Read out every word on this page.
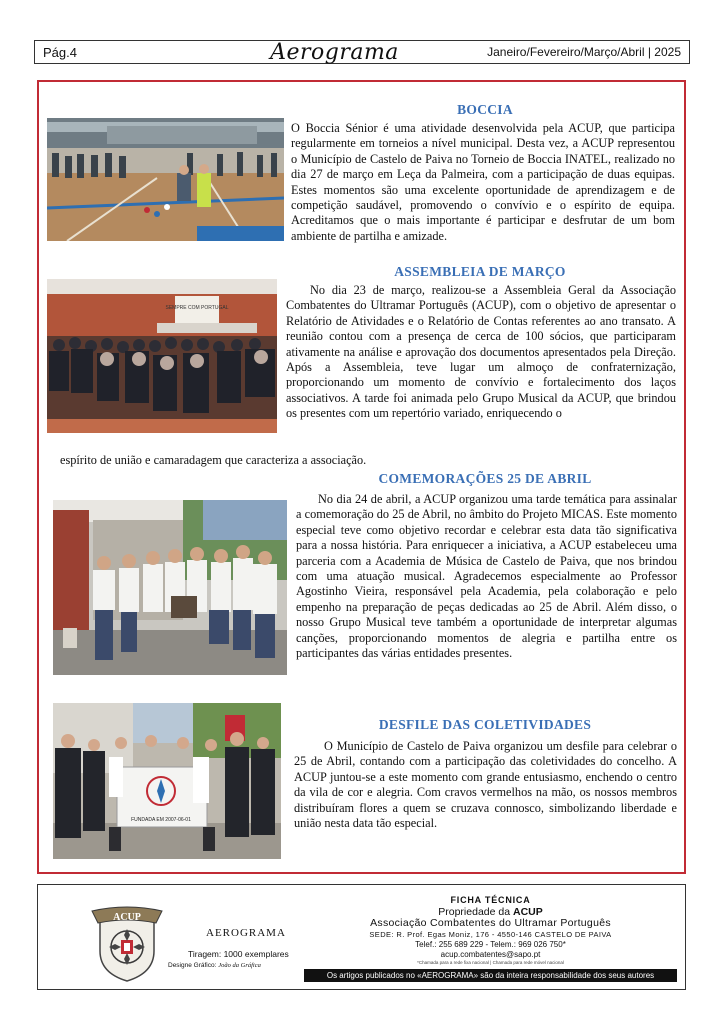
Pág.4	Aerograma	Janeiro/Fevereiro/Março/Abril | 2025
SEMPRE COM PORTUGAL
FUNDADA EM 2007-06-01
BOCCIA

O Boccia Sénior é uma atividade desenvolvida pela ACUP, que participa regularmente em torneios a nível municipal. Desta vez, a ACUP representou o Município de Castelo de Paiva no Torneio de Boccia INATEL, realizado no dia 27 de março em Leça da Palmeira, com a participação de duas equipas. Estes momentos são uma excelente oportunidade de aprendizagem e de competição saudável, promovendo o convívio e o espírito de equipa. Acreditamos que o mais importante é participar e desfrutar de um bom ambiente de partilha e amizade.

ASSEMBLEIA DE MARÇO

No dia 23 de março, realizou-se a Assembleia Geral da Associação Combatentes do Ultramar Português (ACUP), com o objetivo de apresentar o Relatório de Atividades e o Relatório de Contas referentes ao ano transato. A reunião contou com a presença de cerca de 100 sócios, que participaram ativamente na análise e aprovação dos documentos apresentados pela Direção. Após a Assembleia, teve lugar um almoço de confraternização, proporcionando um momento de convívio e fortalecimento dos laços associativos. A tarde foi animada pelo Grupo Musical da ACUP, que brindou os presentes com um repertório variado, enriquecendo o

espírito de união e camaradagem que caracteriza a associação.

COMEMORAÇÕES 25 DE ABRIL

No dia 24 de abril, a ACUP organizou uma tarde temática para assinalar a comemoração do 25 de Abril, no âmbito do Projeto MICAS. Este momento especial teve como objetivo recordar e celebrar esta data tão significativa para a nossa história. Para enriquecer a iniciativa, a ACUP estabeleceu uma parceria com a Academia de Música de Castelo de Paiva, que nos brindou com uma atuação musical. Agradecemos especialmente ao Professor Agostinho Vieira, responsável pela Academia, pela colaboração e pelo empenho na preparação de peças dedicadas ao 25 de Abril. Além disso, o nosso Grupo Musical teve também a oportunidade de interpretar algumas canções, proporcionando momentos de alegria e partilha entre os participantes das várias entidades presentes.

DESFILE DAS COLETIVIDADES

O Município de Castelo de Paiva organizou um desfile para celebrar o 25 de Abril, contando com a participação das coletividades do concelho. A ACUP juntou-se a este momento com grande entusiasmo, enchendo o centro da vila de cor e alegria. Com cravos vermelhos na mão, os nossos membros distribuíram flores a quem se cruzava connosco, simbolizando liberdade e união nesta data tão especial.

ACUP
AEROGRAMA
Tiragem: 1000 exemplares
Designe Gráfico: João da Gráfica
FICHA TÉCNICA
Propriedade da ACUP
Associação Combatentes do Ultramar Português
SEDE: R. Prof. Egas Moniz, 176 - 4550-146 CASTELO DE PAIVA
Telef.: 255 689 229 - Telem.: 969 026 750*
acup.combatentes@sapo.pt
*Chamada para a rede fixa nacional | Chamada para rede móvel nacional
Os artigos publicados no «AEROGRAMA» são da inteira responsabilidade dos seus autores
